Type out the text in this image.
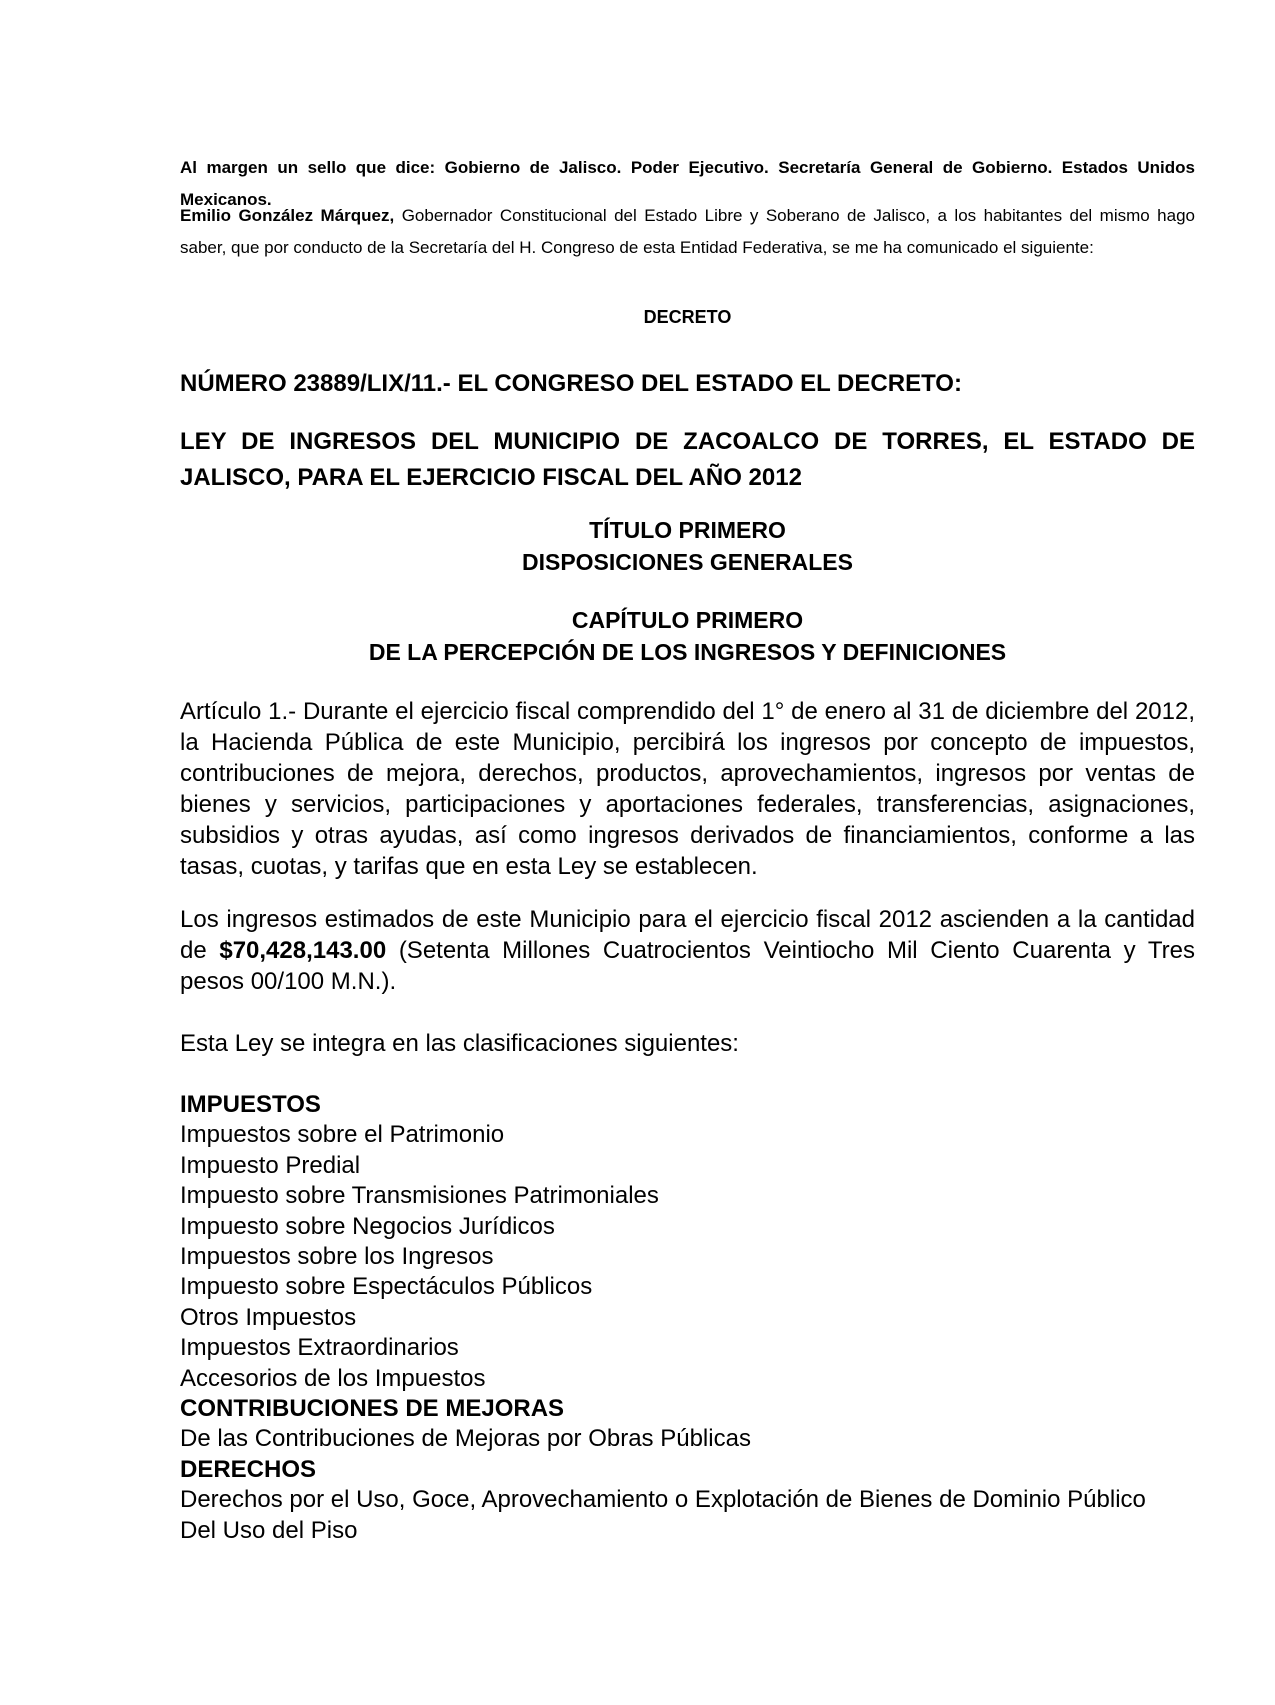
Al margen un sello que dice: Gobierno de Jalisco. Poder Ejecutivo. Secretaría General de Gobierno. Estados Unidos Mexicanos.

Emilio González Márquez, Gobernador Constitucional del Estado Libre y Soberano de Jalisco, a los habitantes del mismo hago saber, que por conducto de la Secretaría del H. Congreso de esta Entidad Federativa, se me ha comunicado el siguiente:

DECRETO

NÚMERO 23889/LIX/11.- EL CONGRESO DEL ESTADO EL DECRETO:

LEY DE INGRESOS DEL MUNICIPIO DE ZACOALCO DE TORRES, EL ESTADO DE JALISCO, PARA EL EJERCICIO FISCAL DEL AÑO 2012

TÍTULO PRIMERO
DISPOSICIONES GENERALES
CAPÍTULO PRIMERO
DE LA PERCEPCIÓN DE LOS INGRESOS Y DEFINICIONES

Artículo 1.- Durante el ejercicio fiscal comprendido del 1° de enero al 31 de diciembre del 2012, la Hacienda Pública de este Municipio, percibirá los ingresos por concepto de impuestos, contribuciones de mejora, derechos, productos, aprovechamientos, ingresos por ventas de bienes y servicios, participaciones y aportaciones federales, transferencias, asignaciones, subsidios y otras ayudas, así como ingresos derivados de financiamientos, conforme a las tasas, cuotas, y tarifas que en esta Ley se establecen.

Los ingresos estimados de este Municipio para el ejercicio fiscal 2012 ascienden a la cantidad de $70,428,143.00 (Setenta Millones Cuatrocientos Veintiocho Mil Ciento Cuarenta y Tres pesos 00/100 M.N.).

Esta Ley se integra en las clasificaciones siguientes:

IMPUESTOS
Impuestos sobre el Patrimonio
Impuesto Predial
Impuesto sobre Transmisiones Patrimoniales
Impuesto sobre Negocios Jurídicos
Impuestos sobre los Ingresos
Impuesto sobre Espectáculos Públicos
Otros Impuestos
Impuestos Extraordinarios
Accesorios de los Impuestos
CONTRIBUCIONES DE MEJORAS
De las Contribuciones de Mejoras por Obras Públicas
DERECHOS
Derechos por el Uso, Goce, Aprovechamiento o Explotación de Bienes de Dominio Público
Del Uso del Piso
